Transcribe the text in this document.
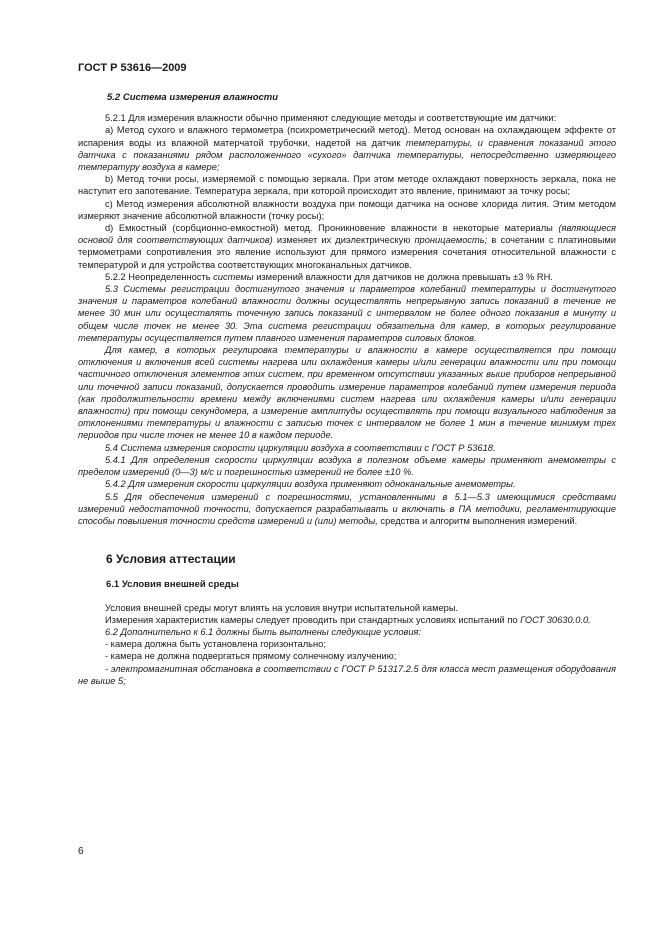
ГОСТ Р 53616—2009
5.2 Система измерения влажности

5.2.1 Для измерения влажности обычно применяют следующие методы и соответствующие им датчики:

а) Метод сухого и влажного термометра (психрометрический метод). Метод основан на охлаждающем эффекте от испарения воды из влажной матерчатой трубочки, надетой на датчик температуры, и сравнения показаний этого датчика с показаниями рядом расположенного «сухого» датчика температуры, непосредственно измеряющего температуру воздуха в камере;

b) Метод точки росы, измеряемой с помощью зеркала. При этом методе охлаждают поверхность зеркала, пока не наступит его запотевание. Температура зеркала, при которой происходит это явление, принимают за точку росы;

с) Метод измерения абсолютной влажности воздуха при помощи датчика на основе хлорида лития. Этим методом измеряют значение абсолютной влажности (точку росы);

d) Емкостный (сорбционно-емкостной) метод. Проникновение влажности в некоторые материалы (являющиеся основой для соответствующих датчиков) изменяет их диэлектрическую проницаемость; в сочетании с платиновыми термометрами сопротивления это явление используют для прямого измерения сочетания относительной влажности с температурой и для устройства соответствующих многоканальных датчиков.

5.2.2 Неопределенность системы измерений влажности для датчиков не должна превышать ±3 % RH.

5.3 Системы регистрации достигнутого значения и параметров колебаний температуры и достигнутого значения и параметров колебаний влажности должны осуществлять непрерывную запись показаний в течение не менее 30 мин или осуществлять точечную запись показаний с интервалом не более одного показания в минуту и общем числе точек не менее 30. Эта система регистрации обязательна для камер, в которых регулирование температуры осуществляется путем плавного изменения параметров силовых блоков.

Для камер, в которых регулировка температуры и влажности в камере осуществляется при помощи отключения и включения всей системы нагрева или охлаждения камеры и/или генерации влажности или при помощи частичного отключения элементов этих систем, при временном отсутствии указанных выше приборов непрерывной или точечной записи показаний, допускается проводить измерение параметров колебаний путем измерения периода (как продолжительности времени между включениями систем нагрева или охлаждения камеры и/или генерации влажности) при помощи секундомера, а измерение амплитуды осуществлять при помощи визуального наблюдения за отклонениями температуры и влажности с записью точек с интервалом не более 1 мин в течение минимум трех периодов при числе точек не менее 10 в каждом периоде.

5.4 Система измерения скорости циркуляции воздуха в соответствии с ГОСТ Р 53618.

5.4.1 Для определения скорости циркуляции воздуха в полезном объеме камеры применяют анемометры с пределом измерений (0—3) м/с и погрешностью измерений не более ±10 %.

5.4.2 Для измерения скорости циркуляции воздуха применяют одноканальные анемометры.

5.5 Для обеспечения измерений с погрешностями, установленными в 5.1—5.3 имеющимися средствами измерений недостаточной точности, допускается разрабатывать и включать в ПА методики, регламентирующие способы повышения точности средств измерений и (или) методы, средства и алгоритм выполнения измерений.

6 Условия аттестации
6.1 Условия внешней среды

Условия внешней среды могут влиять на условия внутри испытательной камеры.

Измерения характеристик камеры следует проводить при стандартных условиях испытаний по ГОСТ 30630.0.0.

6.2 Дополнительно к 6.1 должны быть выполнены следующие условия:

- камера должна быть установлена горизонтально;

- камера не должна подвергаться прямому солнечному излучению;

- электромагнитная обстановка в соответствии с ГОСТ Р 51317.2.5 для класса мест размещения оборудования не выше 5;

6
